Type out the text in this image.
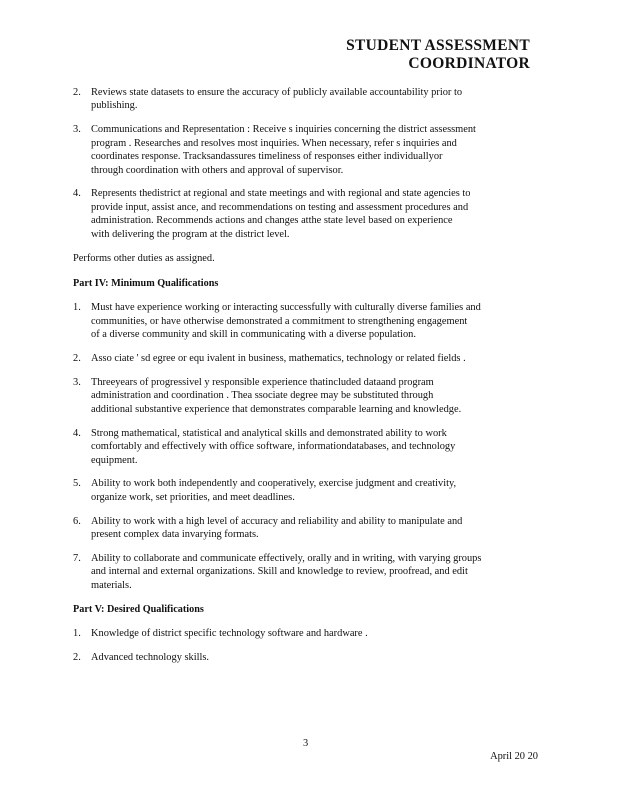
STUDENT ASSESSMENT
COORDINATOR
2. Reviews state datasets to ensure the accuracy of publicly available accountability prior to
publishing.
3. Communications and Representation : Receive s inquiries concerning the district assessment
program . Researches and resolves most inquiries. When necessary, refer s inquiries and
coordinates response. Tracksandassures timeliness of responses either individuallyor
through coordination with others and approval of supervisor.
4. Represents thedistrict at regional and state meetings and with regional and state agencies to
provide input, assist ance, and recommendations on testing and assessment procedures and
administration. Recommends actions and changes atthe state level based on experience
with delivering the program at the district level.
Performs other duties as assigned.
Part IV: Minimum Qualifications
1. Must have experience working or interacting successfully with culturally diverse families and
communities, or have otherwise demonstrated a commitment to strengthening engagement
of a diverse community and skill in communicating with a diverse population.
2. Asso ciate ' sd egree or equ ivalent in business, mathematics, technology or related fields .
3. Threeyears of progressivel y responsible experience thatincluded dataand program
administration and coordination . Thea ssociate degree may be substituted through
additional substantive experience that demonstrates comparable learning and knowledge.
4. Strong mathematical, statistical and analytical skills and demonstrated ability to work
comfortably and effectively with office software, informationdatabases, and technology
equipment.
5. Ability to work both independently and cooperatively, exercise judgment and creativity,
organize work, set priorities, and meet deadlines.
6. Ability to work with a high level of accuracy and reliability and ability to manipulate and
present complex data invarying formats.
7. Ability to collaborate and communicate effectively, orally and in writing, with varying groups
and internal and external organizations. Skill and knowledge to review, proofread, and edit
materials.
Part V: Desired Qualifications
1. Knowledge of district specific technology software and hardware .
2. Advanced technology skills.
3
April 20 20
